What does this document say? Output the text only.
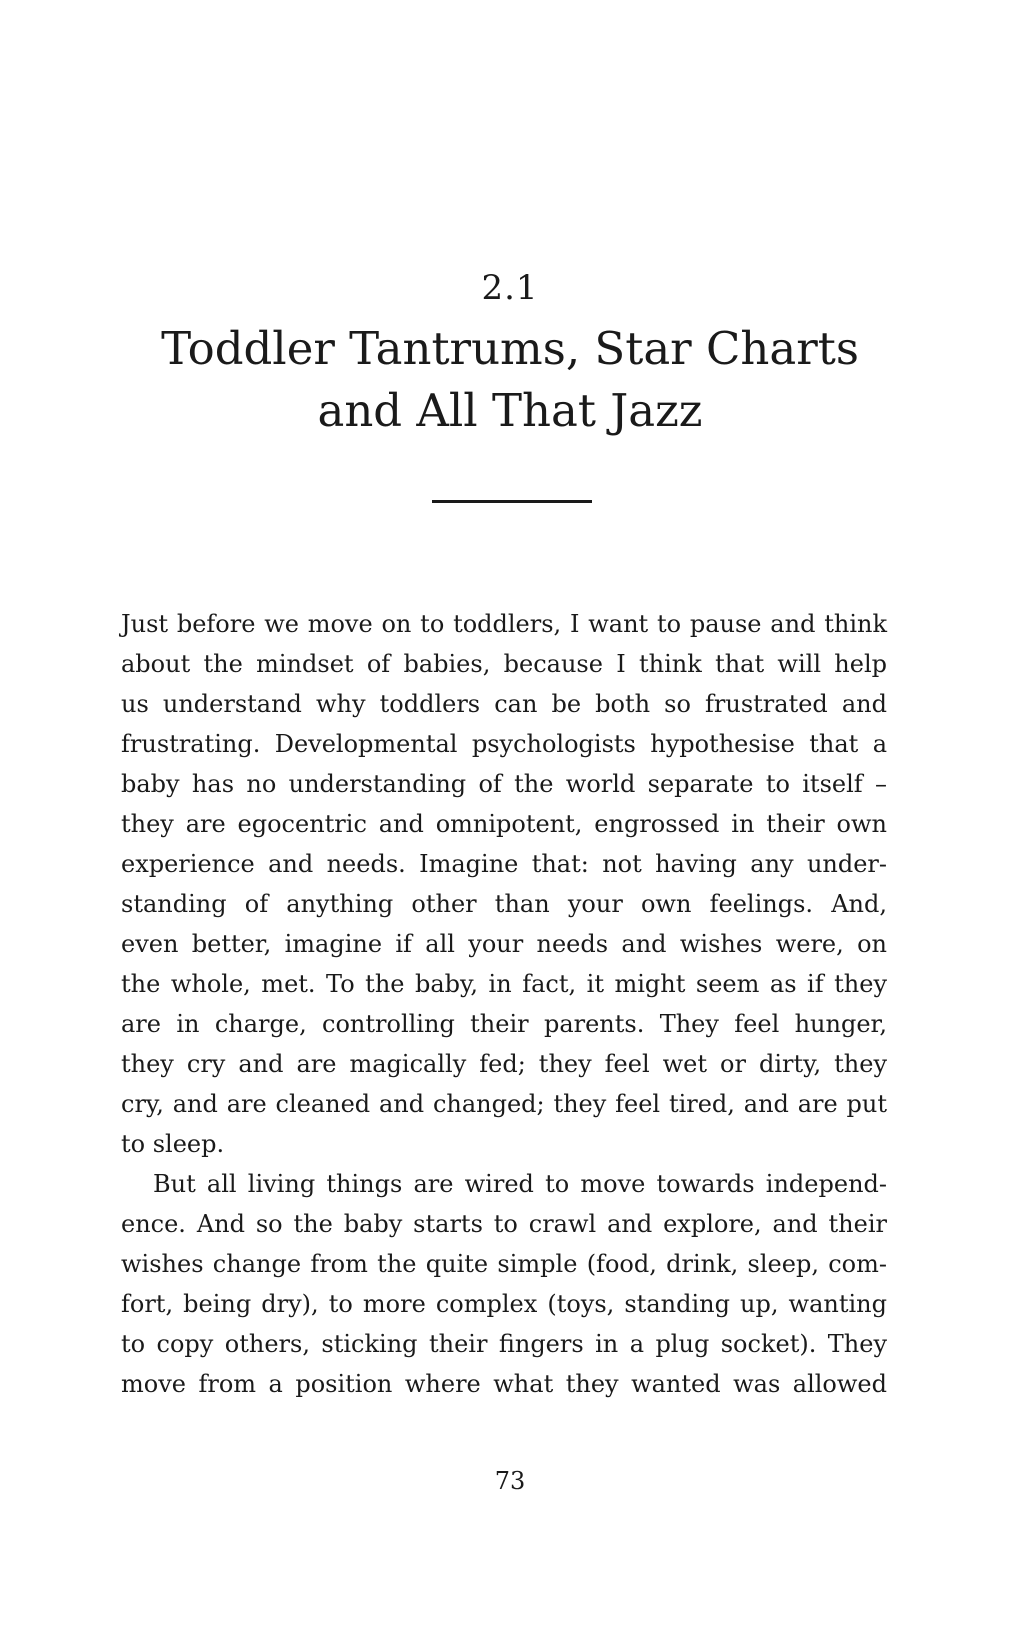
2.1
Toddler Tantrums, Star Charts
and All That Jazz
Just before we move on to toddlers, I want to pause and think
about the mindset of babies, because I think that will help
us understand why toddlers can be both so frustrated and
frustrating. Developmental psychologists hypothesise that a
baby has no understanding of the world separate to itself –
they are egocentric and omnipotent, engrossed in their own
experience and needs. Imagine that: not having any under-
standing of anything other than your own feelings. And,
even better, imagine if all your needs and wishes were, on
the whole, met. To the baby, in fact, it might seem as if they
are in charge, controlling their parents. They feel hunger,
they cry and are magically fed; they feel wet or dirty, they
cry, and are cleaned and changed; they feel tired, and are put
to sleep.
But all living things are wired to move towards independ-
ence. And so the baby starts to crawl and explore, and their
wishes change from the quite simple (food, drink, sleep, com-
fort, being dry), to more complex (toys, standing up, wanting
to copy others, sticking their fingers in a plug socket). They
move from a position where what they wanted was allowed
73
